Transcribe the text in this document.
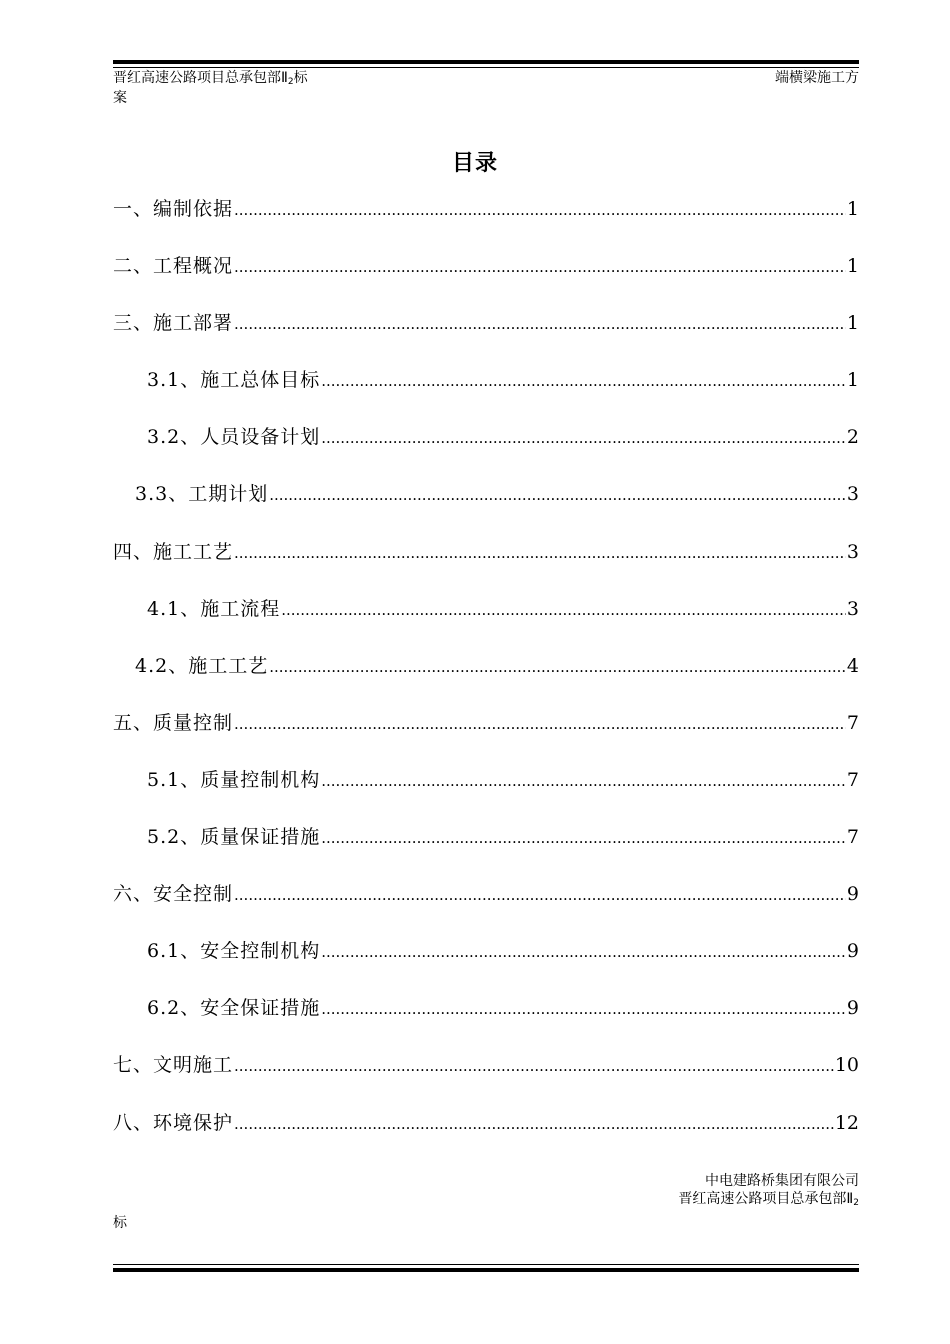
晋红高速公路项目总承包部$Ⅱ_2$标
案
端横梁施工方
目录
一、编制依据 .....	1
二、工程概况 .....	1
三、施工部署 .....	1
3.1、施工总体目标 .....	1
3.2、人员设备计划 .....	2
3.3、工期计划 .....	3
四、施工工艺 .....	3
4.1、施工流程 .....	3
4.2、施工工艺 .....	4
五、质量控制 .....	7
5.1、质量控制机构 .....	7
5.2、质量保证措施 .....	7
六、安全控制 .....	9
6.1、安全控制机构 .....	9
6.2、安全保证措施 .....	9
七、文明施工 .....	10
八、环境保护 .....	12
中电建路桥集团有限公司
晋红高速公路项目总承包部$Ⅱ_2$
标
